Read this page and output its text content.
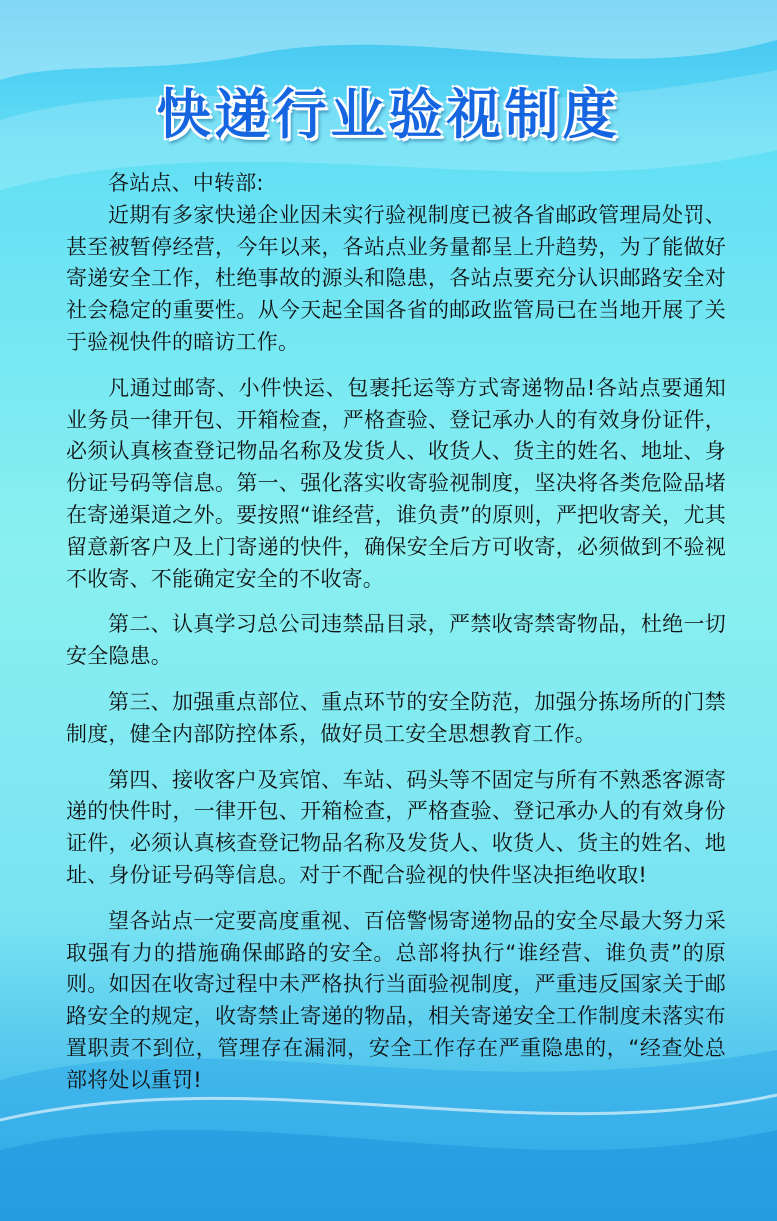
快递行业验视制度

各站点、中转部:

近期有多家快递企业因未实行验视制度已被各省邮政管理局处罚、甚至被暂停经营，今年以来，各站点业务量都呈上升趋势，为了能做好寄递安全工作，杜绝事故的源头和隐患，各站点要充分认识邮路安全对社会稳定的重要性。从今天起全国各省的邮政监管局已在当地开展了关于验视快件的暗访工作。

凡通过邮寄、小件快运、包裹托运等方式寄递物品!各站点要通知业务员一律开包、开箱检查，严格查验、登记承办人的有效身份证件，必须认真核查登记物品名称及发货人、收货人、货主的姓名、地址、身份证号码等信息。第一、强化落实收寄验视制度，坚决将各类危险品堵在寄递渠道之外。要按照“谁经营，谁负责”的原则，严把收寄关，尤其留意新客户及上门寄递的快件，确保安全后方可收寄，必须做到不验视不收寄、不能确定安全的不收寄。

第二、认真学习总公司违禁品目录，严禁收寄禁寄物品，杜绝一切安全隐患。

第三、加强重点部位、重点环节的安全防范，加强分拣场所的门禁制度，健全内部防控体系，做好员工安全思想教育工作。

第四、接收客户及宾馆、车站、码头等不固定与所有不熟悉客源寄递的快件时，一律开包、开箱检查，严格查验、登记承办人的有效身份证件，必须认真核查登记物品名称及发货人、收货人、货主的姓名、地址、身份证号码等信息。对于不配合验视的快件坚决拒绝收取!

望各站点一定要高度重视、百倍警惕寄递物品的安全尽最大努力采取强有力的措施确保邮路的安全。总部将执行“谁经营、谁负责”的原则。如因在收寄过程中未严格执行当面验视制度，严重违反国家关于邮路安全的规定，收寄禁止寄递的物品，相关寄递安全工作制度未落实布置职责不到位，管理存在漏洞，安全工作存在严重隐患的，“经查处总部将处以重罚!
